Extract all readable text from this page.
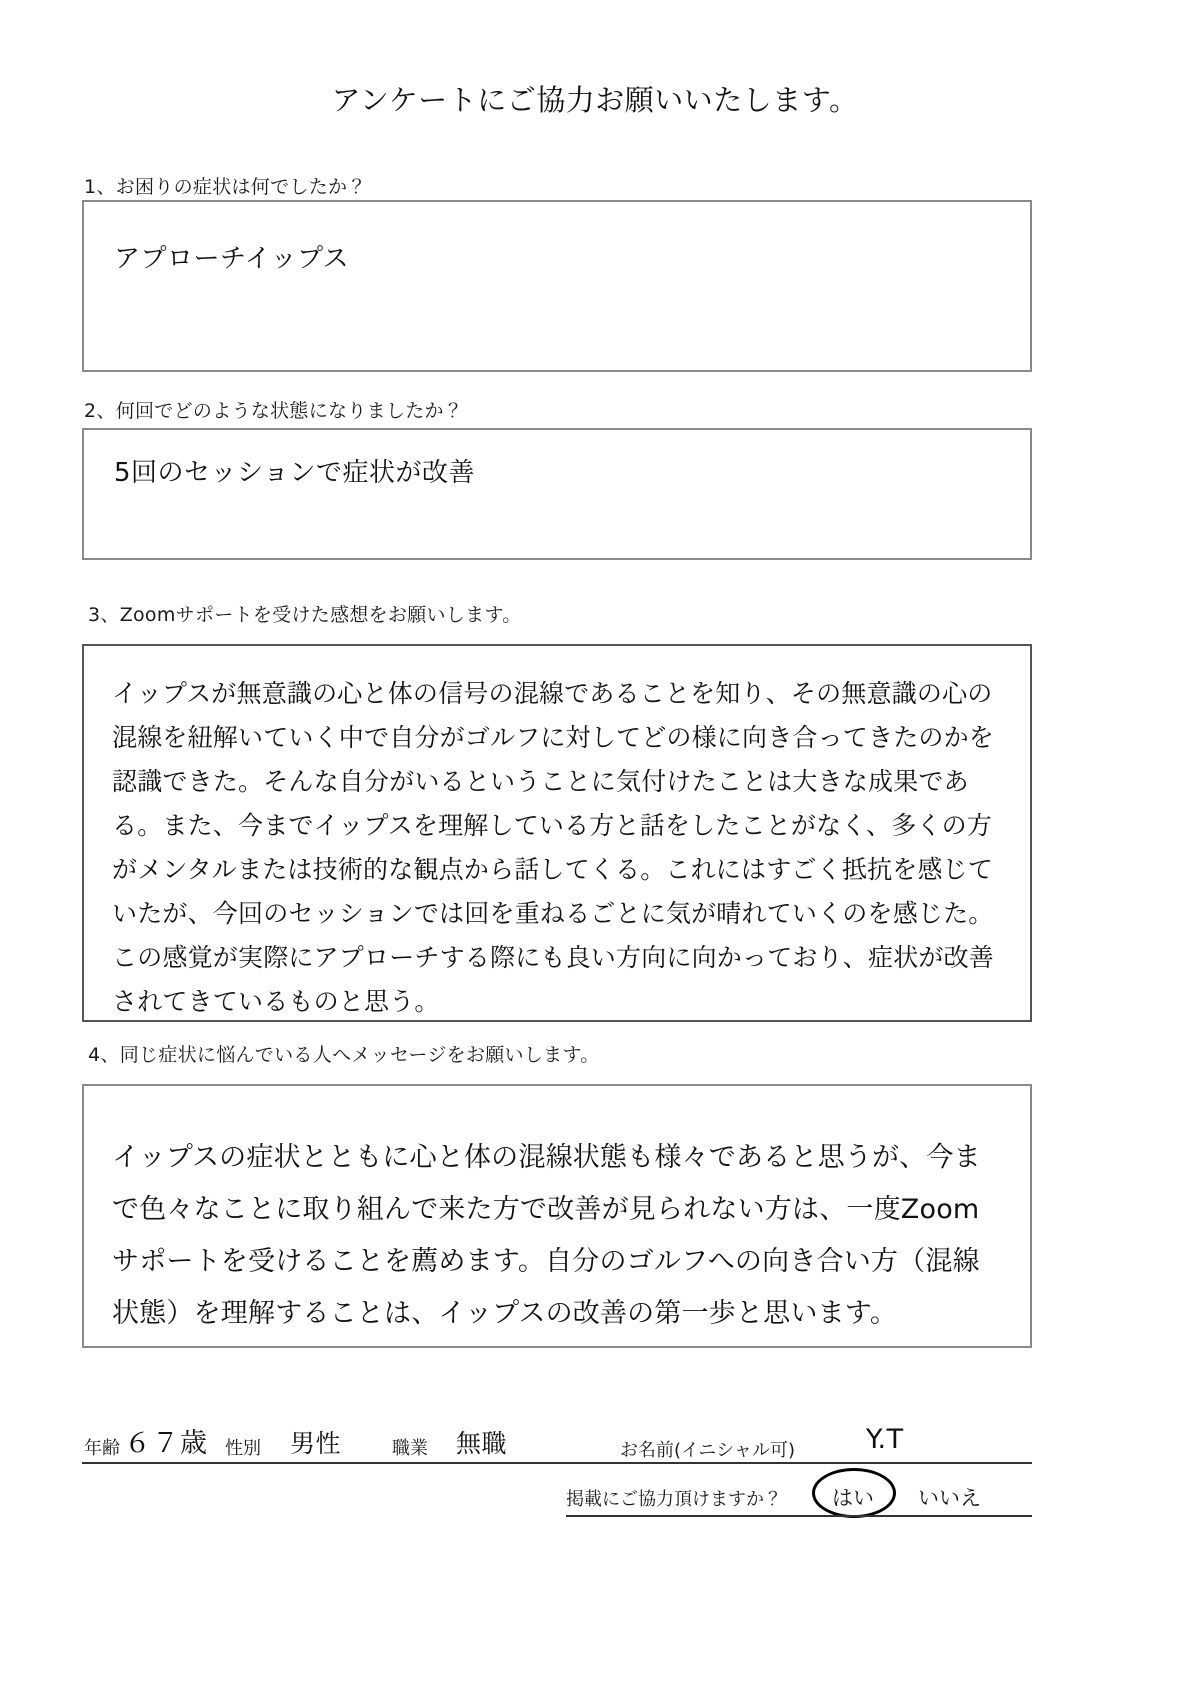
アンケートにご協力お願いいたします。
1、お困りの症状は何でしたか？
アプローチイップス
2、何回でどのような状態になりましたか？
5回のセッションで症状が改善
3、Zoomサポートを受けた感想をお願いします。
イップスが無意識の心と体の信号の混線であることを知り、その無意識の心の混線を紐解いていく中で自分がゴルフに対してどの様に向き合ってきたのかを認識できた。そんな自分がいるということに気付けたことは大きな成果である。また、今までイップスを理解している方と話をしたことがなく、多くの方がメンタルまたは技術的な観点から話してくる。これにはすごく抵抗を感じていたが、今回のセッションでは回を重ねるごとに気が晴れていくのを感じた。この感覚が実際にアプローチする際にも良い方向に向かっており、症状が改善されてきているものと思う。
4、同じ症状に悩んでいる人へメッセージをお願いします。
イップスの症状とともに心と体の混線状態も様々であると思うが、今まで色々なことに取り組んで来た方で改善が見られない方は、一度Zoomサポートを受けることを薦めます。自分のゴルフへの向き合い方（混線状態）を理解することは、イップスの改善の第一歩と思います。
年齢 ６７歳 性別 男性	職業 無職	お名前(イニシャル可)	Y.T
掲載にご協力頂けますか？ はい いいえ
